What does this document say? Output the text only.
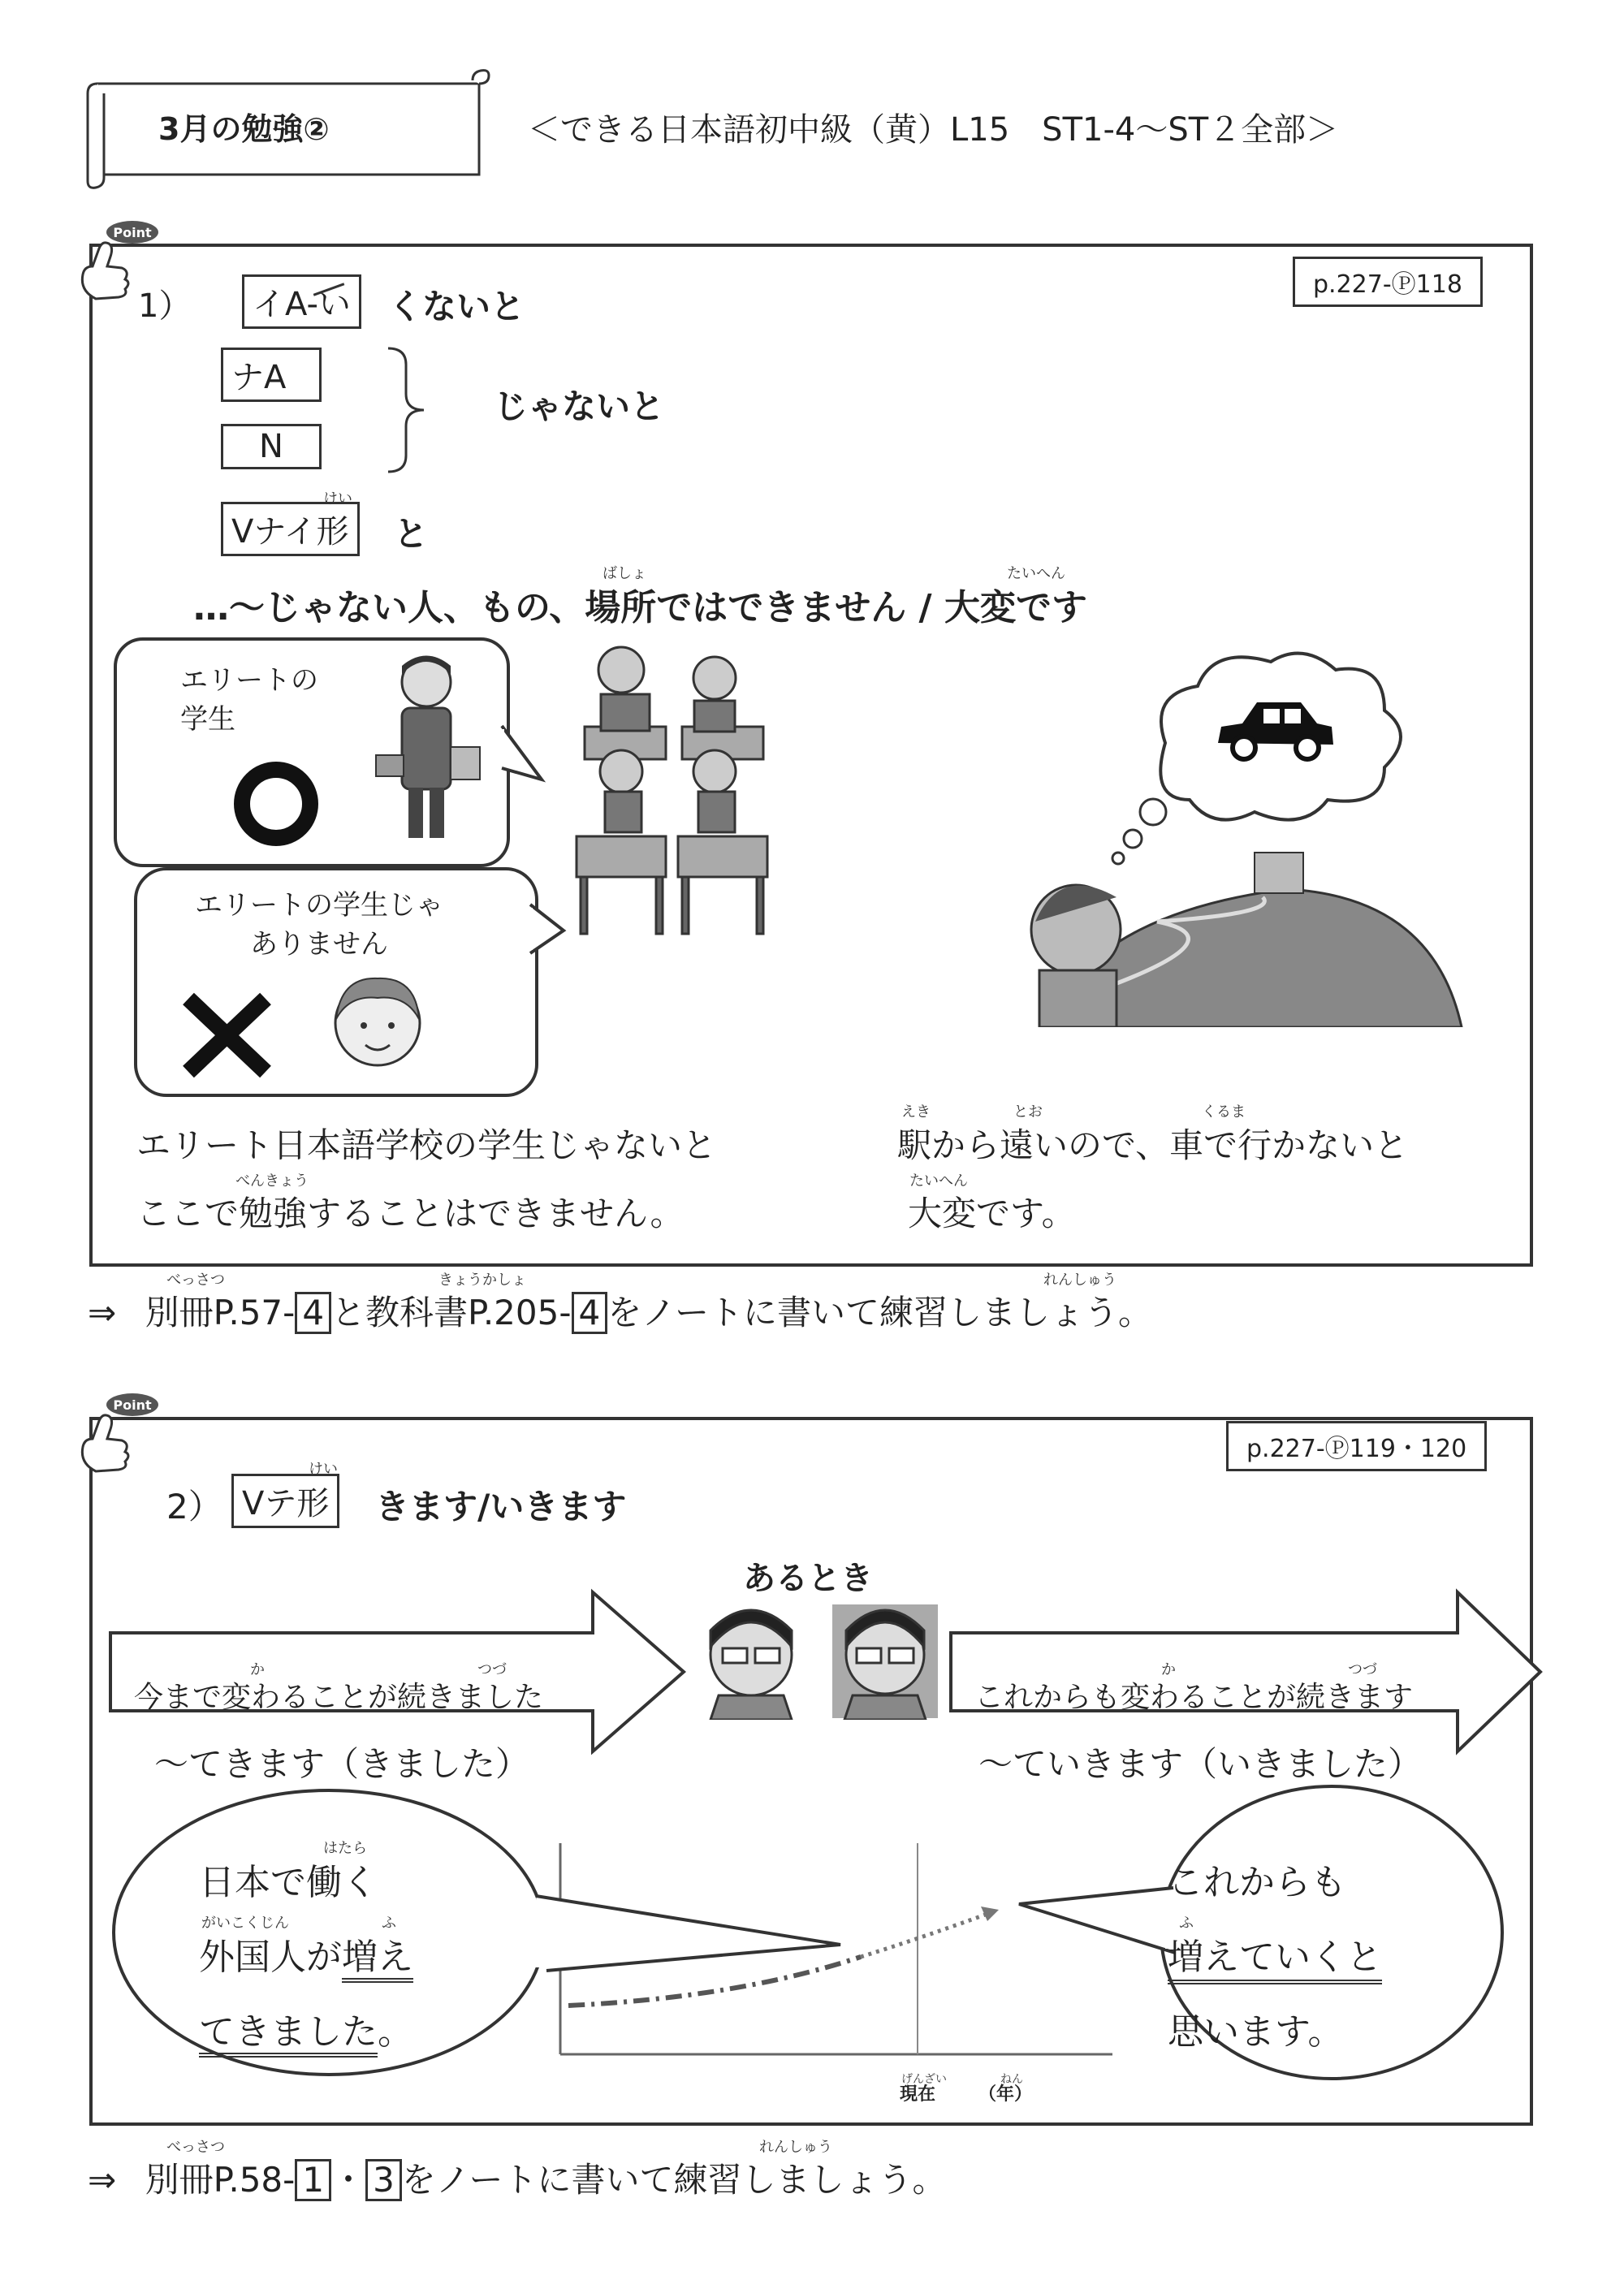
3月の勉強②	＜できる日本語初中級（黄）L15　ST1-4～ST２全部＞
Point
p.227-Ⓟ118
1）	イA-い	くないと
ナA
N
じゃないと
けい
Vナイ形	と
ばしょ	たいへん
…～じゃない人、もの、場所ではできません / 大変です
エリートの
学生
エリートの学生じゃ
ありません
エリート日本語学校の学生じゃないと
べんきょう
ここで勉強することはできません。
えき	とお	くるま
駅から遠いので、車で行かないと
たいへん
大変です。
べっさつ	きょうかしょ	れんしゅう
⇒ 別冊P.57- 4 と教科書P.205- 4 をノートに書いて練習しましょう。
Point
p.227-Ⓟ119・120
2）
けい
Vテ形	きます/いきます
か	つづ
今まで変わることが続きました
か	つづ
これからも変わることが続きます
あるとき
～てきます（きました）	～ていきます（いきました）
げんざい
現在
ねん
（年）
はたら
日本で働く
がいこくじん	ふ
外国人が増え
てきました。
これからも
ふ
増えていくと
思います。
べっさつ	れんしゅう
⇒ 別冊P.58- 1 ・ 3 をノートに書いて練習しましょう。
